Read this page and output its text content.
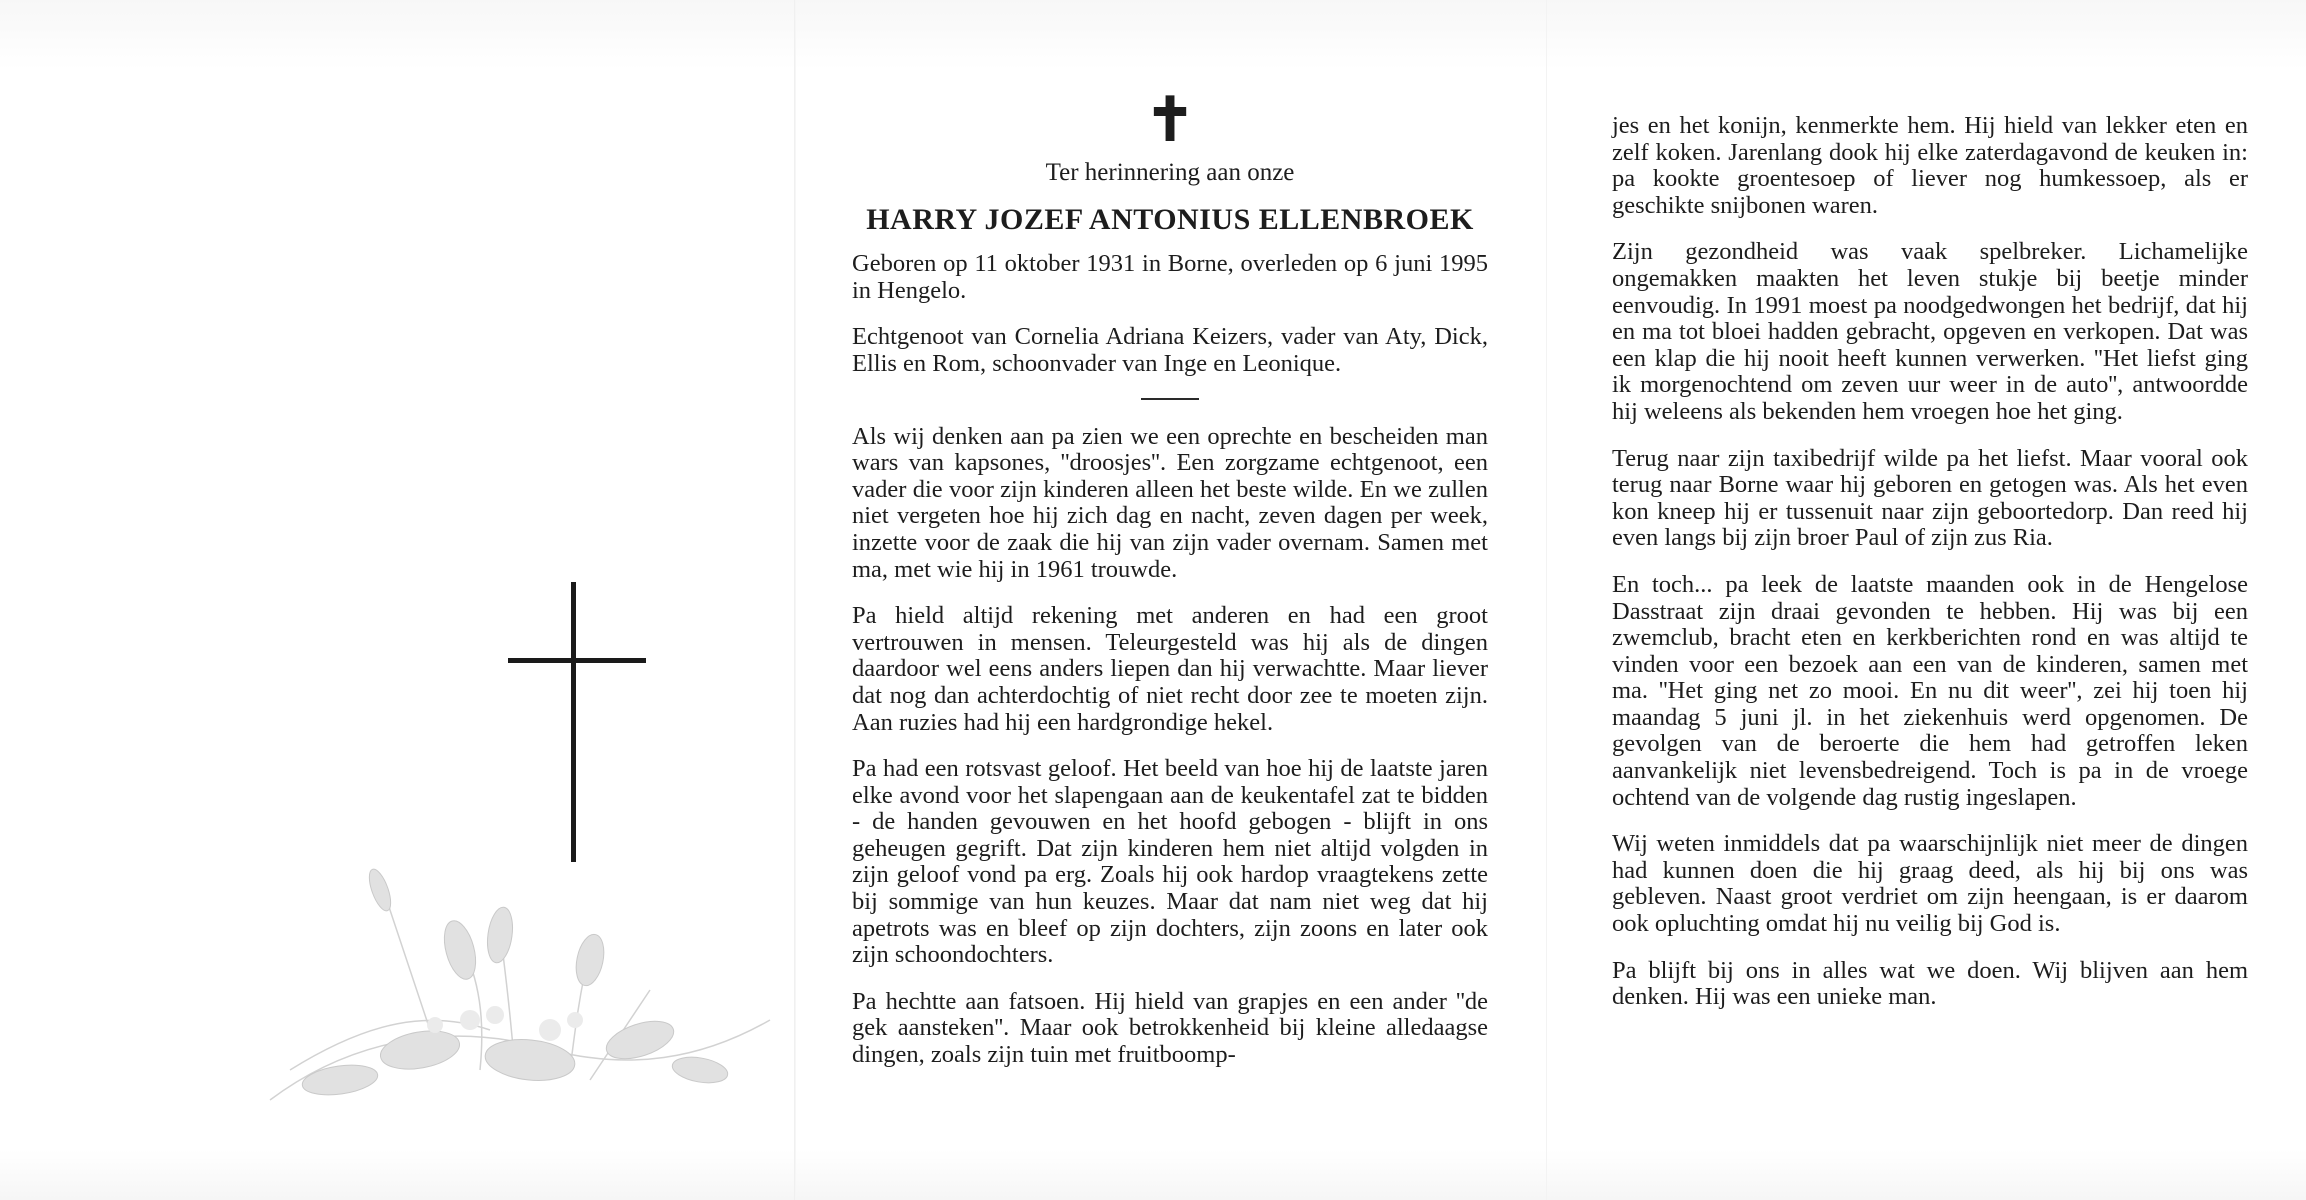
✝
Ter herinnering aan onze
HARRY JOZEF ANTONIUS ELLENBROEK

Geboren op 11 oktober 1931 in Borne, overleden op 6 juni 1995 in Hengelo.

Echtgenoot van Cornelia Adriana Keizers, vader van Aty, Dick, Ellis en Rom, schoonvader van Inge en Leonique.

Als wij denken aan pa zien we een oprechte en bescheiden man wars van kapsones, ''droosjes''. Een zorgzame echtgenoot, een vader die voor zijn kinderen alleen het beste wilde. En we zullen niet vergeten hoe hij zich dag en nacht, zeven dagen per week, inzette voor de zaak die hij van zijn vader overnam. Samen met ma, met wie hij in 1961 trouwde.

Pa hield altijd rekening met anderen en had een groot vertrouwen in mensen. Teleurgesteld was hij als de dingen daardoor wel eens anders liepen dan hij verwachtte. Maar liever dat nog dan achterdochtig of niet recht door zee te moeten zijn. Aan ruzies had hij een hardgrondige hekel.

Pa had een rotsvast geloof. Het beeld van hoe hij de laatste jaren elke avond voor het slapengaan aan de keukentafel zat te bidden - de handen gevouwen en het hoofd gebogen - blijft in ons geheugen gegrift. Dat zijn kinderen hem niet altijd volgden in zijn geloof vond pa erg. Zoals hij ook hardop vraagtekens zette bij sommige van hun keuzes. Maar dat nam niet weg dat hij apetrots was en bleef op zijn dochters, zijn zoons en later ook zijn schoondochters.

Pa hechtte aan fatsoen. Hij hield van grapjes en een ander ''de gek aansteken''. Maar ook betrokkenheid bij kleine alledaagse dingen, zoals zijn tuin met fruitboomp-

jes en het konijn, kenmerkte hem. Hij hield van lekker eten en zelf koken. Jarenlang dook hij elke zaterdagavond de keuken in: pa kookte groentesoep of liever nog humkessoep, als er geschikte snijbonen waren.

Zijn gezondheid was vaak spelbreker. Lichamelijke ongemakken maakten het leven stukje bij beetje minder eenvoudig. In 1991 moest pa noodgedwongen het bedrijf, dat hij en ma tot bloei hadden gebracht, opgeven en verkopen. Dat was een klap die hij nooit heeft kunnen verwerken. ''Het liefst ging ik morgenochtend om zeven uur weer in de auto'', antwoordde hij weleens als bekenden hem vroegen hoe het ging.

Terug naar zijn taxibedrijf wilde pa het liefst. Maar vooral ook terug naar Borne waar hij geboren en getogen was. Als het even kon kneep hij er tussenuit naar zijn geboortedorp. Dan reed hij even langs bij zijn broer Paul of zijn zus Ria.

En toch... pa leek de laatste maanden ook in de Hengelose Dasstraat zijn draai gevonden te hebben. Hij was bij een zwemclub, bracht eten en kerkberichten rond en was altijd te vinden voor een bezoek aan een van de kinderen, samen met ma. ''Het ging net zo mooi. En nu dit weer'', zei hij toen hij maandag 5 juni jl. in het ziekenhuis werd opgenomen. De gevolgen van de beroerte die hem had getroffen leken aanvankelijk niet levensbedreigend. Toch is pa in de vroege ochtend van de volgende dag rustig ingeslapen.

Wij weten inmiddels dat pa waarschijnlijk niet meer de dingen had kunnen doen die hij graag deed, als hij bij ons was gebleven. Naast groot verdriet om zijn heengaan, is er daarom ook opluchting omdat hij nu veilig bij God is.

Pa blijft bij ons in alles wat we doen. Wij blijven aan hem denken. Hij was een unieke man.
